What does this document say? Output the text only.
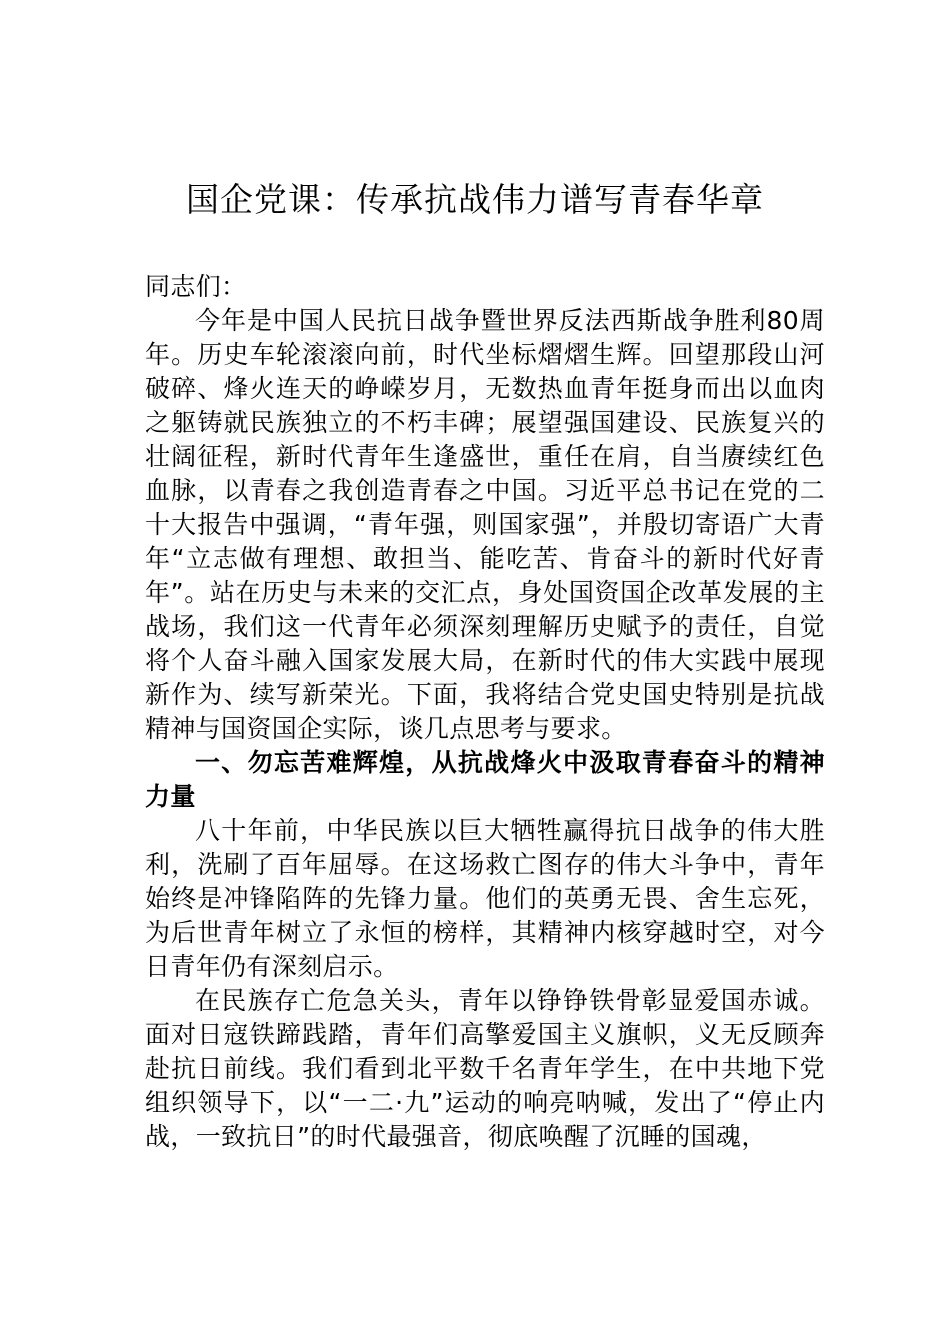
国企党课：传承抗战伟力谱写青春华章

同志们：

今年是中国人民抗日战争暨世界反法西斯战争胜利80周年。历史车轮滚滚向前，时代坐标熠熠生辉。回望那段山河破碎、烽火连天的峥嵘岁月，无数热血青年挺身而出以血肉之躯铸就民族独立的不朽丰碑；展望强国建设、民族复兴的壮阔征程，新时代青年生逢盛世，重任在肩，自当赓续红色血脉，以青春之我创造青春之中国。习近平总书记在党的二十大报告中强调，“青年强，则国家强”，并殷切寄语广大青年“立志做有理想、敢担当、能吃苦、肯奋斗的新时代好青年”。站在历史与未来的交汇点，身处国资国企改革发展的主战场，我们这一代青年必须深刻理解历史赋予的责任，自觉将个人奋斗融入国家发展大局，在新时代的伟大实践中展现新作为、续写新荣光。下面，我将结合党史国史特别是抗战精神与国资国企实际，谈几点思考与要求。

一、勿忘苦难辉煌，从抗战烽火中汲取青春奋斗的精神力量

八十年前，中华民族以巨大牺牲赢得抗日战争的伟大胜利，洗刷了百年屈辱。在这场救亡图存的伟大斗争中，青年始终是冲锋陷阵的先锋力量。他们的英勇无畏、舍生忘死，为后世青年树立了永恒的榜样，其精神内核穿越时空，对今日青年仍有深刻启示。

在民族存亡危急关头，青年以铮铮铁骨彰显爱国赤诚。面对日寇铁蹄践踏，青年们高擎爱国主义旗帜，义无反顾奔赴抗日前线。我们看到北平数千名青年学生，在中共地下党组织领导下，以“一二·九”运动的响亮呐喊，发出了“停止内战，一致抗日”的时代最强音，彻底唤醒了沉睡的国魂，
